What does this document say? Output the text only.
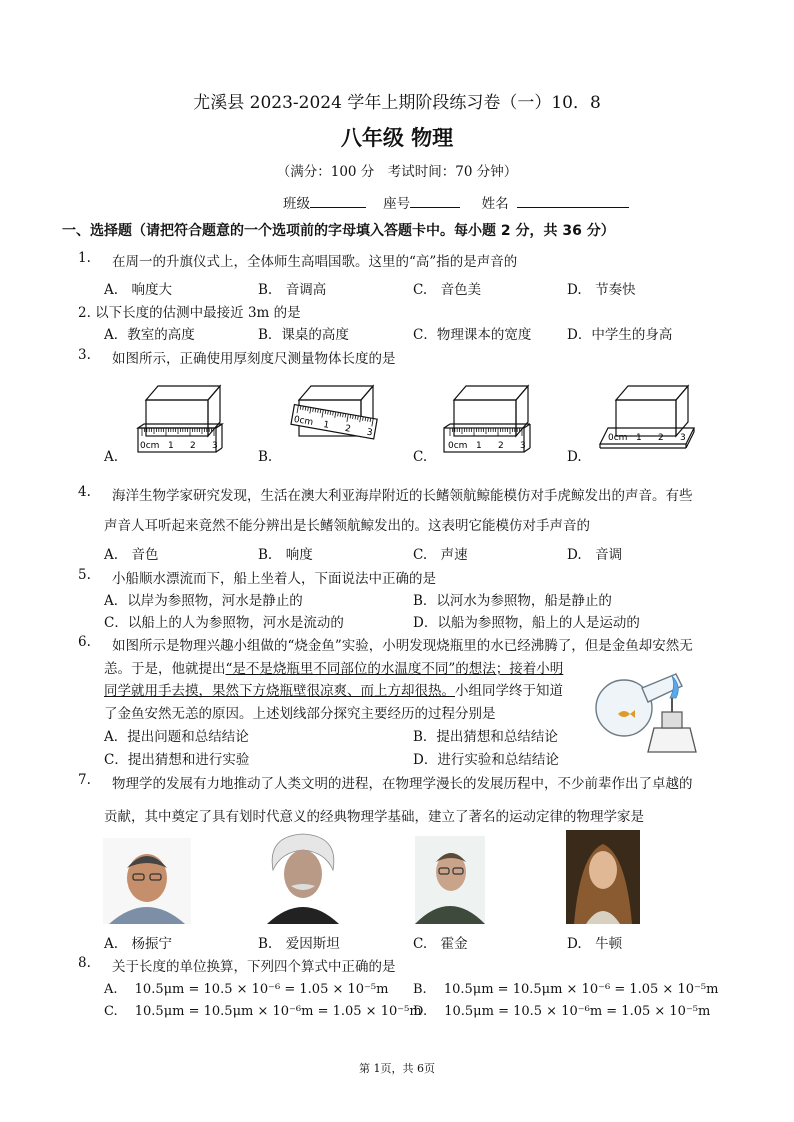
尤溪县 2023-2024 学年上期阶段练习卷（一）10．8
八年级 物理
（满分：100 分　考试时间：70 分钟）
班级	座号	姓名
一、选择题（请把符合题意的一个选项前的字母填入答题卡中。每小题 2 分，共 36 分）
1. 在周一的升旗仪式上，全体师生高唱国歌。这里的“高”指的是声音的
A.　响度大	B.　音调高	C.　音色美	D.　节奏快
2. 以下长度的估测中最接近 3m 的是
A．教室的高度	B．课桌的高度	C．物理课本的宽度	D．中学生的身高
3. 如图所示，正确使用厚刻度尺测量物体长度的是
0cm 1 2 3
A.
0cm 1 2 3
B.
0cm 1 2 3
C.
0cm 1 2 3
D.
4. 海洋生物学家研究发现，生活在澳大利亚海岸附近的长鳍领航鲸能模仿对手虎鲸发出的声音。有些
声音人耳听起来竟然不能分辨出是长鳍领航鲸发出的。这表明它能模仿对手声音的
A.　音色	B.　响度	C.　声速	D.　音调
5. 小船顺水漂流而下，船上坐着人，下面说法中正确的是
A．以岸为参照物，河水是静止的	B．以河水为参照物，船是静止的
C．以船上的人为参照物，河水是流动的	D．以船为参照物，船上的人是运动的
6. 如图所示是物理兴趣小组做的“烧金鱼”实验，小明发现烧瓶里的水已经沸腾了，但是金鱼却安然无
恙。于是，他就提出“是不是烧瓶里不同部位的水温度不同”的想法；接着小明
同学就用手去摸，果然下方烧瓶壁很凉爽、而上方却很热。小组同学终于知道
了金鱼安然无恙的原因。上述划线部分探究主要经历的过程分别是
A．提出问题和总结结论	B．提出猜想和总结结论
C．提出猜想和进行实验	D．进行实验和总结结论
7. 物理学的发展有力地推动了人类文明的进程，在物理学漫长的发展历程中，不少前辈作出了卓越的
贡献，其中奠定了具有划时代意义的经典物理学基础，建立了著名的运动定律的物理学家是
A.　杨振宁	B.　爱因斯坦	C.　霍金	D.　牛顿
8. 关于长度的单位换算，下列四个算式中正确的是
A.　 10.5μm = 10.5 × 10⁻⁶ = 1.05 × 10⁻⁵m B.　 10.5μm = 10.5μm × 10⁻⁶ = 1.05 × 10⁻⁵m
C.　 10.5μm = 10.5μm × 10⁻⁶m = 1.05 × 10⁻⁵m
D.　 10.5μm = 10.5 × 10⁻⁶m = 1.05 × 10⁻⁵m
第 1页，共 6页
